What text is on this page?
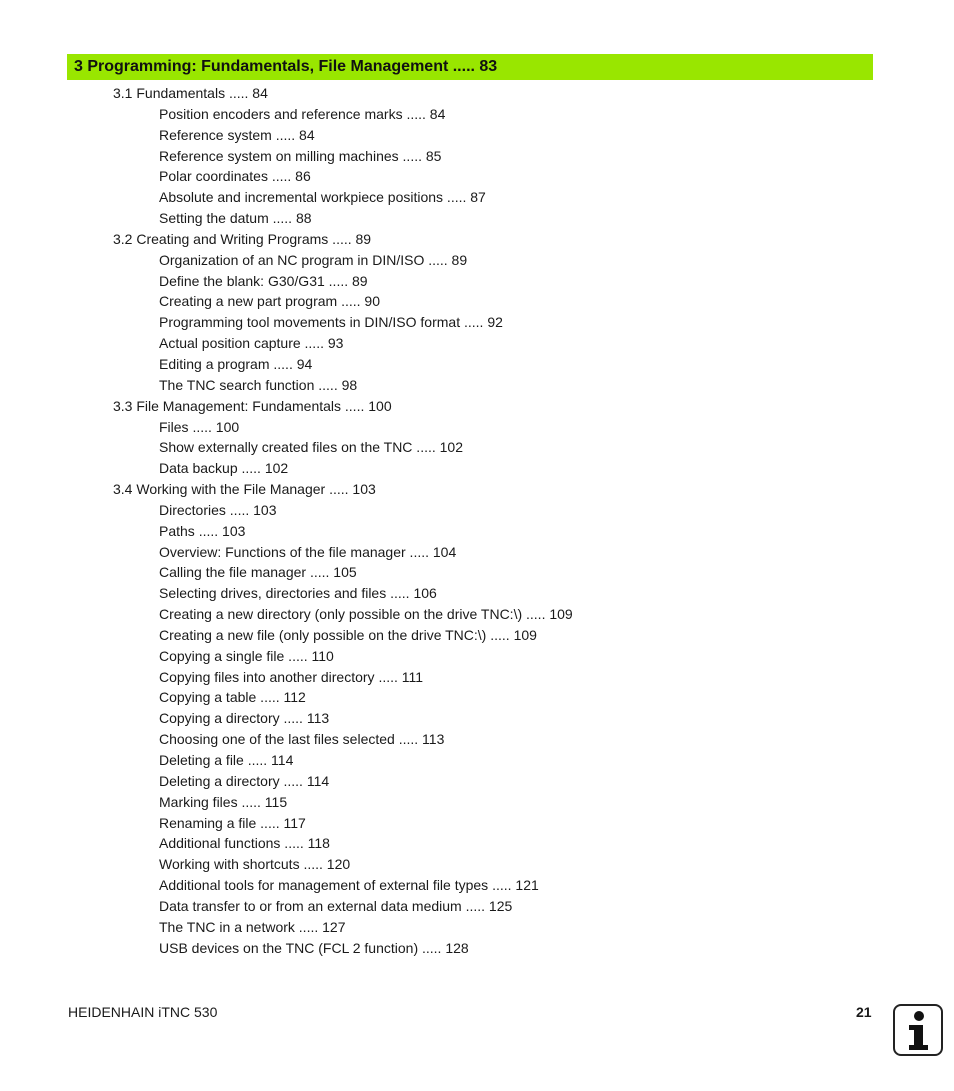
3 Programming: Fundamentals, File Management ..... 83
3.1 Fundamentals ..... 84
Position encoders and reference marks ..... 84
Reference system ..... 84
Reference system on milling machines ..... 85
Polar coordinates ..... 86
Absolute and incremental workpiece positions ..... 87
Setting the datum ..... 88
3.2 Creating and Writing Programs ..... 89
Organization of an NC program in DIN/ISO ..... 89
Define the blank: G30/G31 ..... 89
Creating a new part program ..... 90
Programming tool movements in DIN/ISO format ..... 92
Actual position capture ..... 93
Editing a program ..... 94
The TNC search function ..... 98
3.3 File Management: Fundamentals ..... 100
Files ..... 100
Show externally created files on the TNC ..... 102
Data backup ..... 102
3.4 Working with the File Manager ..... 103
Directories ..... 103
Paths ..... 103
Overview: Functions of the file manager ..... 104
Calling the file manager ..... 105
Selecting drives, directories and files ..... 106
Creating a new directory (only possible on the drive TNC:\) ..... 109
Creating a new file (only possible on the drive TNC:\) ..... 109
Copying a single file ..... 110
Copying files into another directory ..... 111
Copying a table ..... 112
Copying a directory ..... 113
Choosing one of the last files selected ..... 113
Deleting a file ..... 114
Deleting a directory ..... 114
Marking files ..... 115
Renaming a file ..... 117
Additional functions ..... 118
Working with shortcuts ..... 120
Additional tools for management of external file types ..... 121
Data transfer to or from an external data medium ..... 125
The TNC in a network ..... 127
USB devices on the TNC (FCL 2 function) ..... 128
HEIDENHAIN iTNC 530	21
